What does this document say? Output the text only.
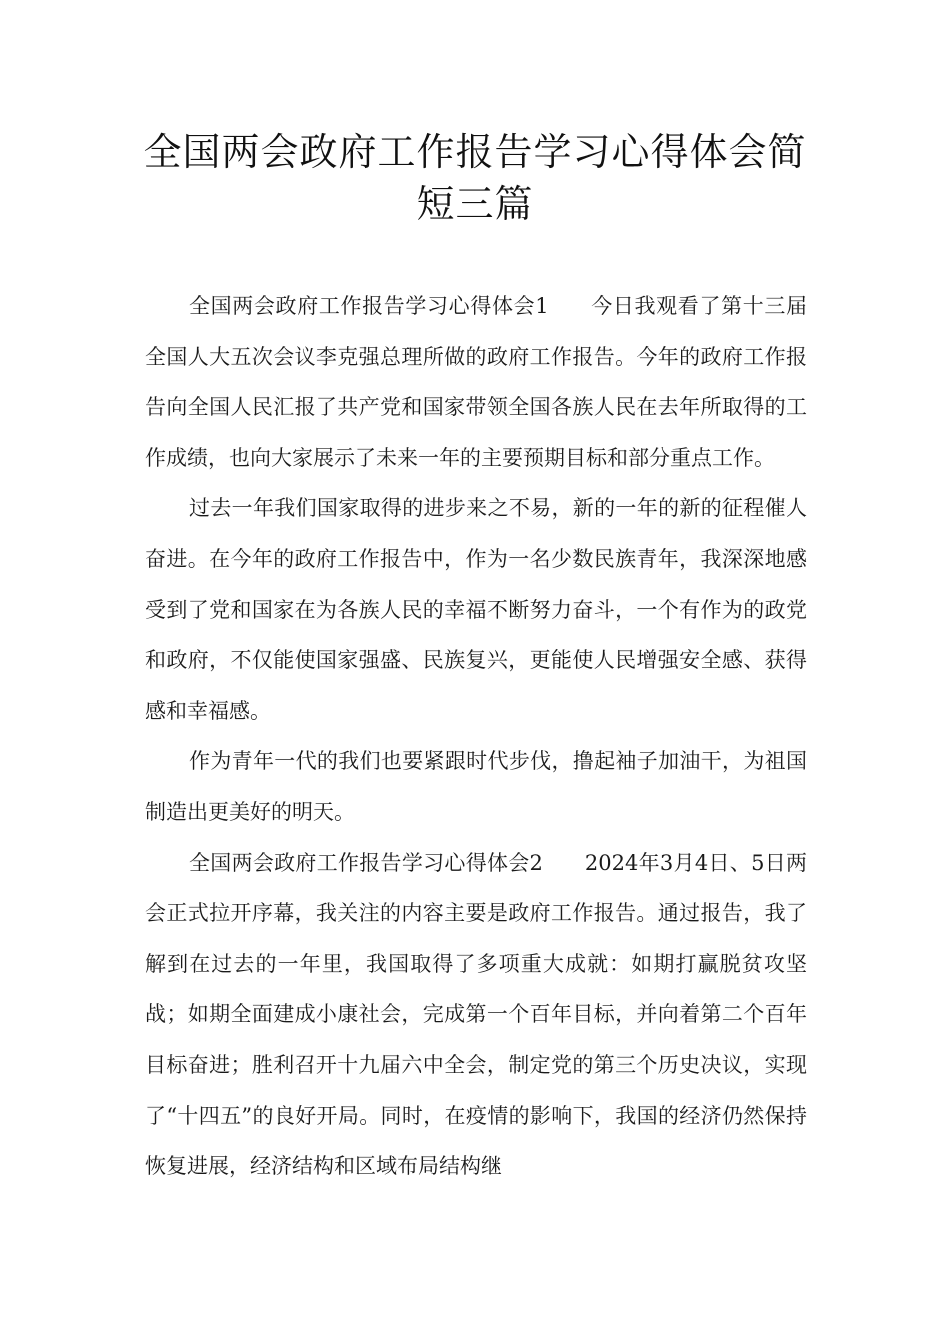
全国两会政府工作报告学习心得体会简
短三篇

全国两会政府工作报告学习心得体会1 今日我观看了第十三届全国人大五次会议李克强总理所做的政府工作报告。今年的政府工作报告向全国人民汇报了共产党和国家带领全国各族人民在去年所取得的工作成绩，也向大家展示了未来一年的主要预期目标和部分重点工作。

过去一年我们国家取得的进步来之不易，新的一年的新的征程催人奋进。在今年的政府工作报告中，作为一名少数民族青年，我深深地感受到了党和国家在为各族人民的幸福不断努力奋斗，一个有作为的政党和政府，不仅能使国家强盛、民族复兴，更能使人民增强安全感、获得感和幸福感。

作为青年一代的我们也要紧跟时代步伐，撸起袖子加油干，为祖国制造出更美好的明天。

全国两会政府工作报告学习心得体会2 2024年3月4日、5日两会正式拉开序幕，我关注的内容主要是政府工作报告。通过报告，我了解到在过去的一年里，我国取得了多项重大成就：如期打赢脱贫攻坚战；如期全面建成小康社会，完成第一个百年目标，并向着第二个百年目标奋进；胜利召开十九届六中全会，制定党的第三个历史决议，实现了“十四五”的良好开局。同时，在疫情的影响下，我国的经济仍然保持恢复进展，经济结构和区域布局结构继
